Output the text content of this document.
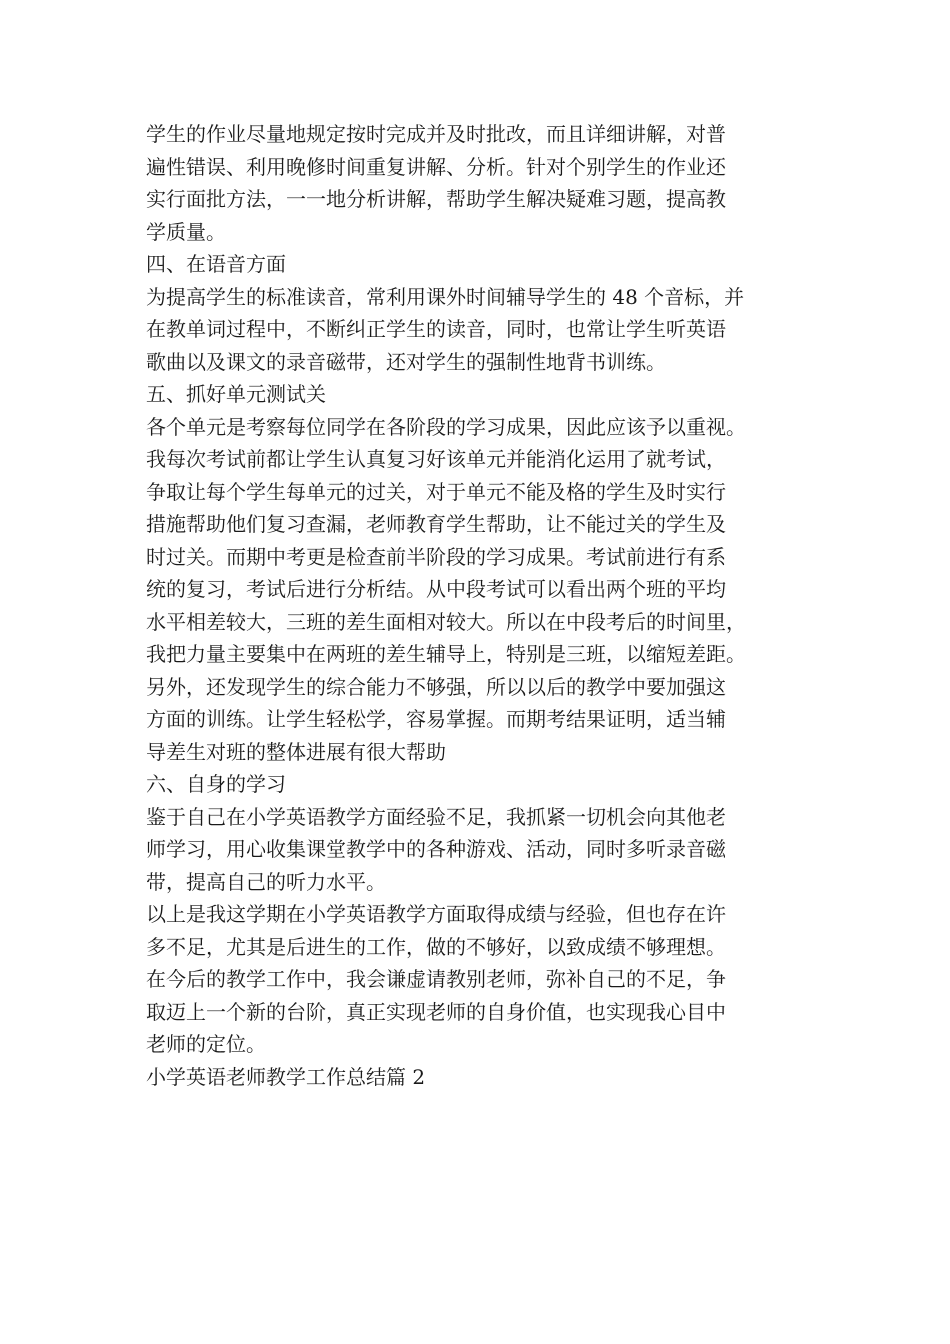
学生的作业尽量地规定按时完成并及时批改，而且详细讲解，对普
遍性错误、利用晚修时间重复讲解、分析。针对个别学生的作业还
实行面批方法，一一地分析讲解，帮助学生解决疑难习题，提高教
学质量。
四、在语音方面
为提高学生的标准读音，常利用课外时间辅导学生的 48 个音标，并
在教单词过程中，不断纠正学生的读音，同时，也常让学生听英语
歌曲以及课文的录音磁带，还对学生的强制性地背书训练。
五、抓好单元测试关
各个单元是考察每位同学在各阶段的学习成果，因此应该予以重视。
我每次考试前都让学生认真复习好该单元并能消化运用了就考试，
争取让每个学生每单元的过关，对于单元不能及格的学生及时实行
措施帮助他们复习查漏，老师教育学生帮助，让不能过关的学生及
时过关。而期中考更是检查前半阶段的学习成果。考试前进行有系
统的复习，考试后进行分析结。从中段考试可以看出两个班的平均
水平相差较大，三班的差生面相对较大。所以在中段考后的时间里，
我把力量主要集中在两班的差生辅导上，特别是三班，以缩短差距。
另外，还发现学生的综合能力不够强，所以以后的教学中要加强这
方面的训练。让学生轻松学，容易掌握。而期考结果证明，适当辅
导差生对班的整体进展有很大帮助
六、自身的学习
鉴于自己在小学英语教学方面经验不足，我抓紧一切机会向其他老
师学习，用心收集课堂教学中的各种游戏、活动，同时多听录音磁
带，提高自己的听力水平。
以上是我这学期在小学英语教学方面取得成绩与经验，但也存在许
多不足，尤其是后进生的工作，做的不够好，以致成绩不够理想。
在今后的教学工作中，我会谦虚请教别老师，弥补自己的不足，争
取迈上一个新的台阶，真正实现老师的自身价值，也实现我心目中
老师的定位。
小学英语老师教学工作总结篇 2
